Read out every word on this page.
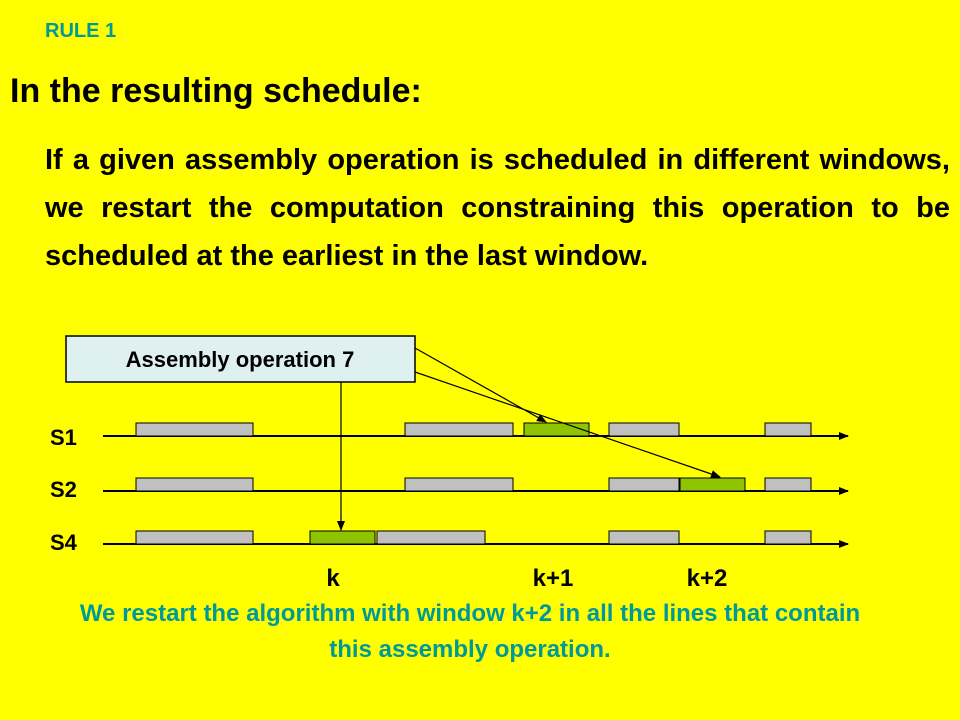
RULE 1
In the resulting schedule:
If a given assembly operation is scheduled in different windows, we restart the computation constraining this operation to be scheduled at the earliest in the last window.
S1
S2
S4
Assembly operation 7
k	k+1	k+2
We restart the algorithm with window k+2 in all the lines that contain this assembly operation.
